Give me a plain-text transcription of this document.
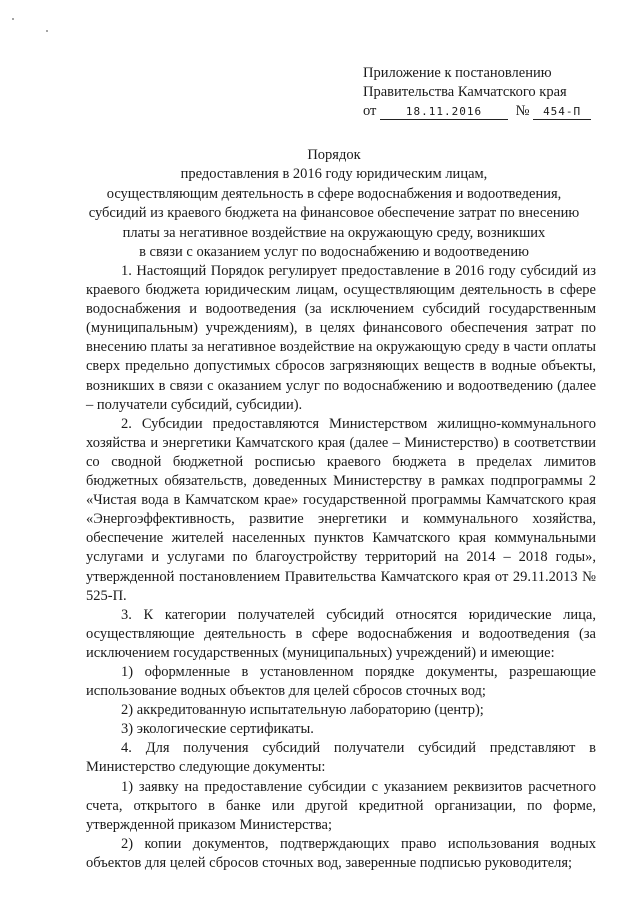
Приложение к постановлению
Правительства Камчатского края
от	18.11.2016 № 454-П
Порядок
предоставления в 2016 году юридическим лицам,
осуществляющим деятельность в сфере водоснабжения и водоотведения,
субсидий из краевого бюджета на финансовое обеспечение затрат по внесению
платы за негативное воздействие на окружающую среду, возникших
в связи с оказанием услуг по водоснабжению и водоотведению

1. Настоящий Порядок регулирует предоставление в 2016 году субсидий из краевого бюджета юридическим лицам, осуществляющим деятельность в сфере водоснабжения и водоотведения (за исключением субсидий государственным (муниципальным) учреждениям), в целях финансового обеспечения затрат по внесению платы за негативное воздействие на окружающую среду в части оплаты сверх предельно допустимых сбросов загрязняющих веществ в водные объекты, возникших в связи с оказанием услуг по водоснабжению и водоотведению (далее – получатели субсидий, субсидии).

2. Субсидии предоставляются Министерством жилищно-коммунального хозяйства и энергетики Камчатского края (далее – Министерство) в соответствии со сводной бюджетной росписью краевого бюджета в пределах лимитов бюджетных обязательств, доведенных Министерству в рамках подпрограммы 2 «Чистая вода в Камчатском крае» государственной программы Камчатского края «Энергоэффективность, развитие энергетики и коммунального хозяйства, обеспечение жителей населенных пунктов Камчатского края коммунальными услугами и услугами по благоустройству территорий на 2014 – 2018 годы», утвержденной постановлением Правительства Камчатского края от 29.11.2013 № 525-П.

3. К категории получателей субсидий относятся юридические лица, осуществляющие деятельность в сфере водоснабжения и водоотведения (за исключением государственных (муниципальных) учреждений) и имеющие:

1) оформленные в установленном порядке документы, разрешающие использование водных объектов для целей сбросов сточных вод;

2) аккредитованную испытательную лабораторию (центр);

3) экологические сертификаты.

4. Для получения субсидий получатели субсидий представляют в Министерство следующие документы:

1) заявку на предоставление субсидии с указанием реквизитов расчетного счета, открытого в банке или другой кредитной организации, по форме, утвержденной приказом Министерства;

2) копии документов, подтверждающих право использования водных объектов для целей сбросов сточных вод, заверенные подписью руководителя;
